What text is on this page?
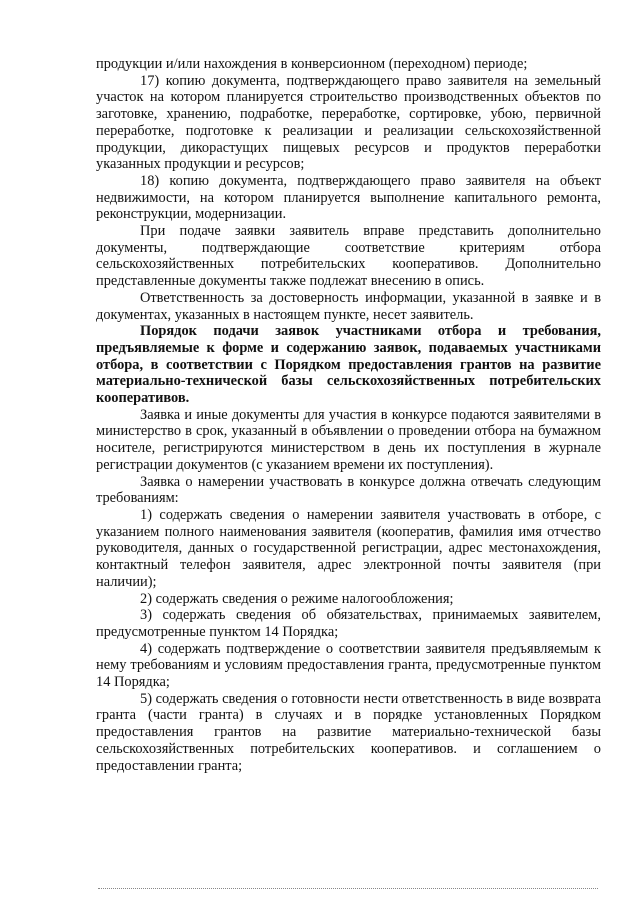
продукции и/или нахождения в конверсионном (переходном) периоде;

17) копию документа, подтверждающего право заявителя на земельный участок на котором планируется строительство производственных объектов по заготовке, хранению, подработке, переработке, сортировке, убою, первичной переработке, подготовке к реализации и реализации сельскохозяйственной продукции, дикорастущих пищевых ресурсов и продуктов переработки указанных продукции и ресурсов;

18) копию документа, подтверждающего право заявителя на объект недвижимости, на котором планируется выполнение капитального ремонта, реконструкции, модернизации.

При подаче заявки заявитель вправе представить дополнительно документы, подтверждающие соответствие критериям отбора сельскохозяйственных потребительских кооперативов. Дополнительно представленные документы также подлежат внесению в опись.

Ответственность за достоверность информации, указанной в заявке и в документах, указанных в настоящем пункте, несет заявитель.

Порядок подачи заявок участниками отбора и требования, предъявляемые к форме и содержанию заявок, подаваемых участниками отбора, в соответствии с Порядком предоставления грантов на развитие материально-технической базы сельскохозяйственных потребительских кооперативов.

Заявка и иные документы для участия в конкурсе подаются заявителями в министерство в срок, указанный в объявлении о проведении отбора на бумажном носителе, регистрируются министерством в день их поступления в журнале регистрации документов (с указанием времени их поступления).

Заявка о намерении участвовать в конкурсе должна отвечать следующим требованиям:

1) содержать сведения о намерении заявителя участвовать в отборе, с указанием полного наименования заявителя (кооператив, фамилия имя отчество руководителя, данных о государственной регистрации, адрес местонахождения, контактный телефон заявителя, адрес электронной почты заявителя (при наличии);

2) содержать сведения о режиме налогообложения;

3) содержать сведения об обязательствах, принимаемых заявителем, предусмотренные пунктом 14 Порядка;

4) содержать подтверждение о соответствии заявителя предъявляемым к нему требованиям и условиям предоставления гранта, предусмотренные пунктом 14 Порядка;

5) содержать сведения о готовности нести ответственность в виде возврата гранта (части гранта) в случаях и в порядке установленных Порядком предоставления грантов на развитие материально-технической базы сельскохозяйственных потребительских кооперативов. и соглашением о предоставлении гранта;
